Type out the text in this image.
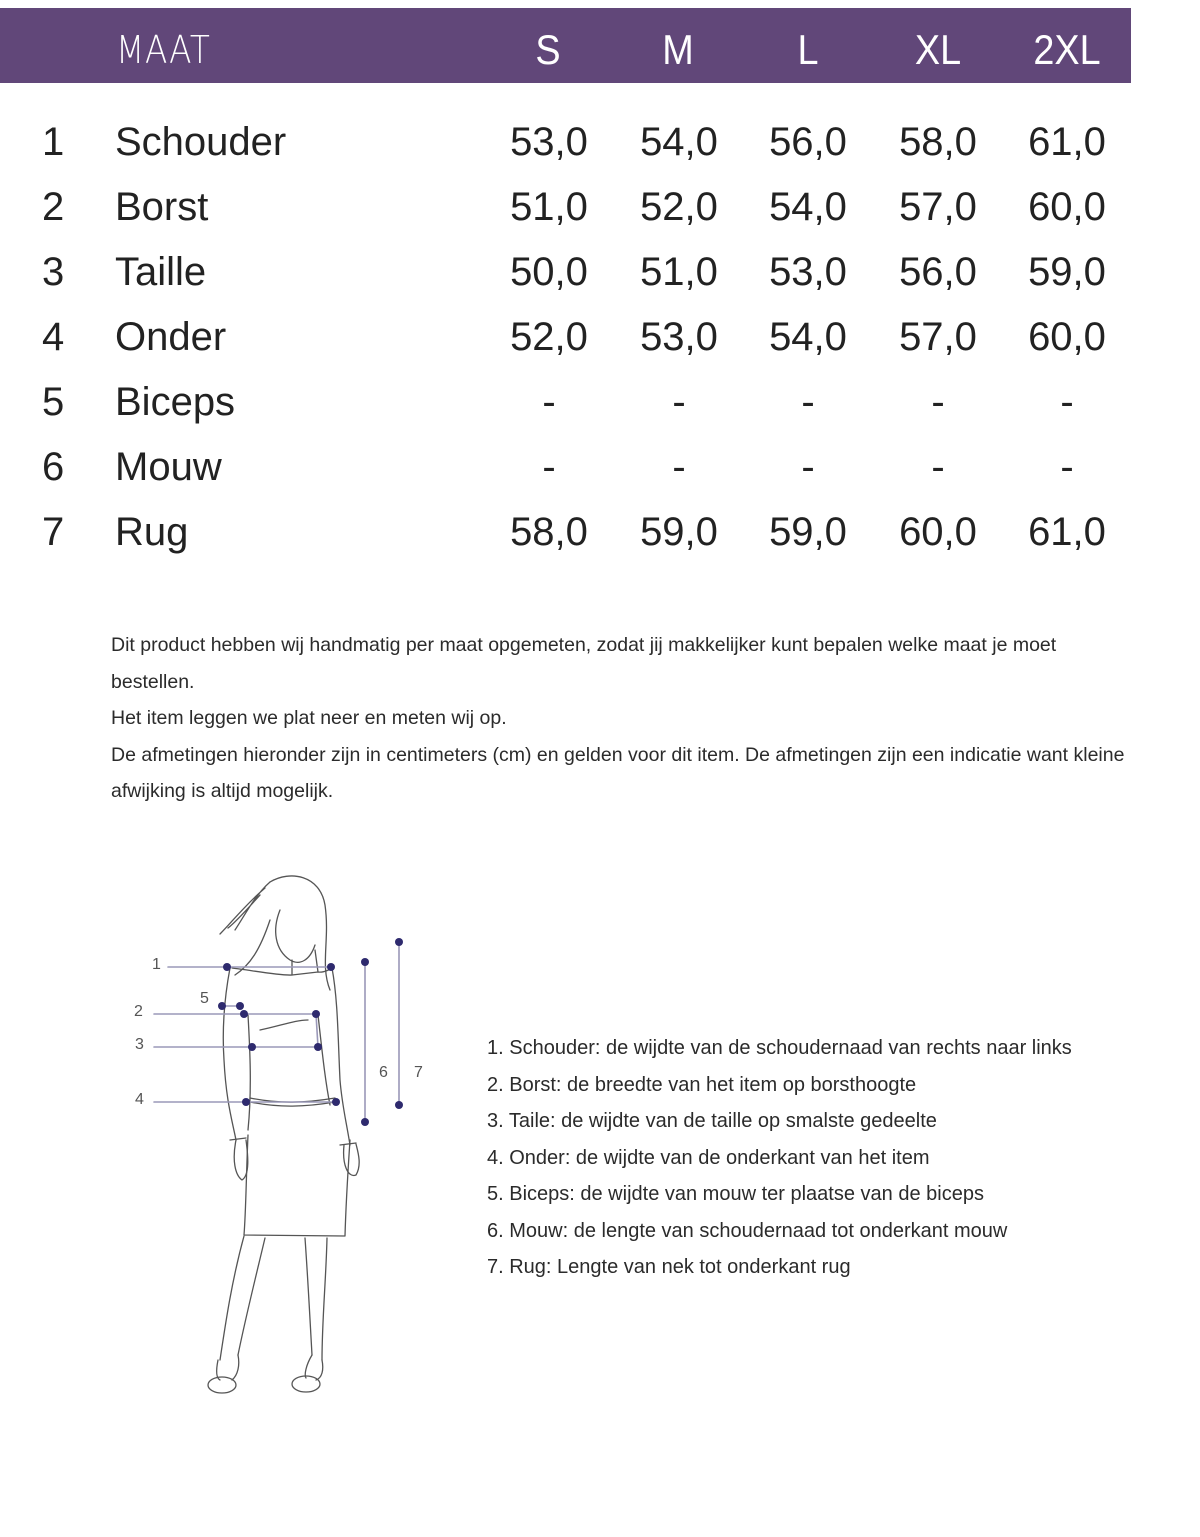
MAAT	S	M	L	XL	2XL
1 Schouder	53,0	54,0	56,0	58,0	61,0
2 Borst	51,0	52,0	54,0	57,0	60,0
3 Taille	50,0	51,0	53,0	56,0	59,0
4 Onder	52,0	53,0	54,0	57,0	60,0
5 Biceps	-	-	-	-	-
6 Mouw	-	-	-	-	-
7 Rug	58,0	59,0	59,0	60,0	61,0

Dit product hebben wij handmatig per maat opgemeten, zodat jij makkelijker kunt bepalen welke maat je moet bestellen.

Het item leggen we plat neer en meten wij op.

De afmetingen hieronder zijn in centimeters (cm) en gelden voor dit item. De afmetingen zijn een indicatie want kleine afwijking is altijd mogelijk.

1
2
3
4
5
6 7

1. Schouder: de wijdte van de schoudernaad van rechts naar links

2. Borst: de breedte van het item op borsthoogte

3. Taile: de wijdte van de taille op smalste gedeelte

4. Onder: de wijdte van de onderkant van het item

5. Biceps: de wijdte van mouw ter plaatse van de biceps

6. Mouw: de lengte van schoudernaad tot onderkant mouw

7. Rug: Lengte van nek tot onderkant rug
